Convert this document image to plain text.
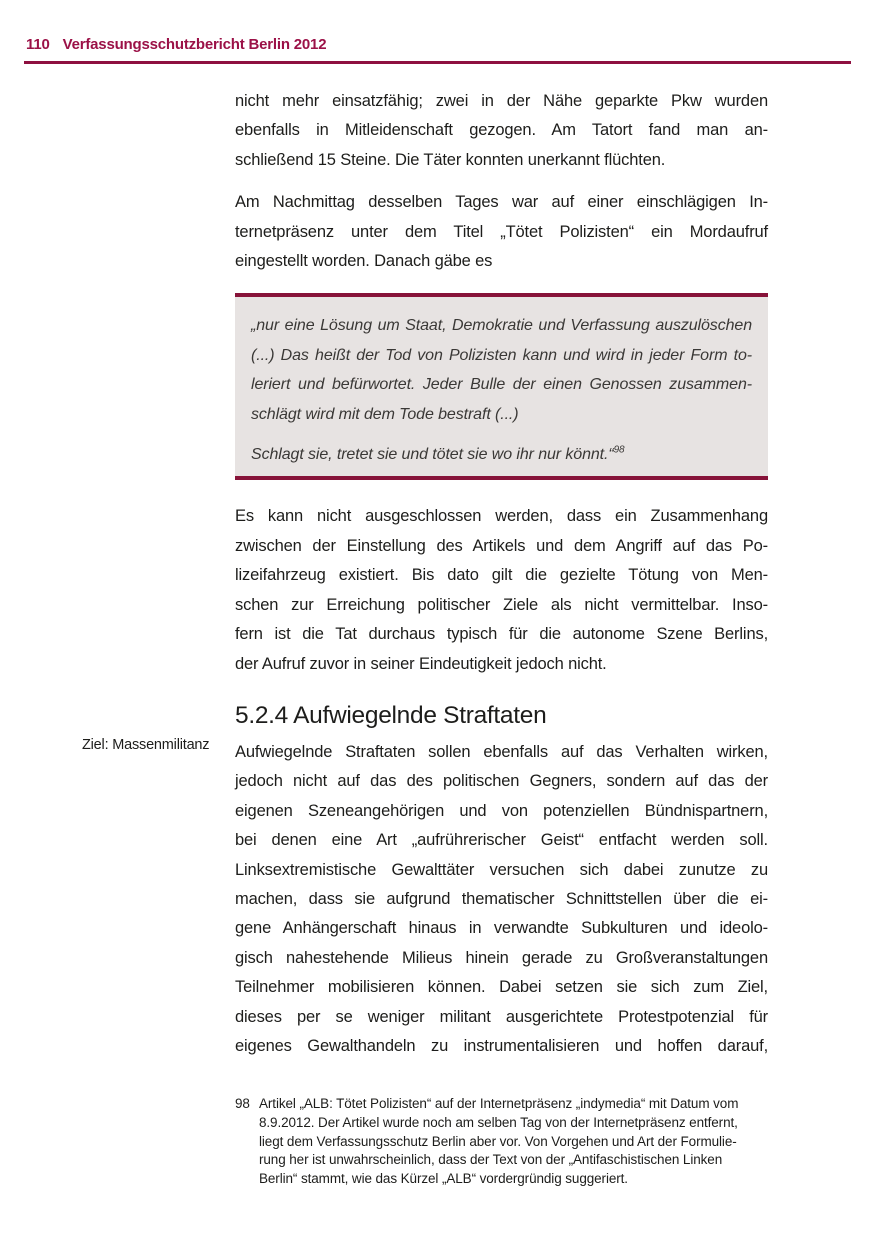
110 Verfassungsschutzbericht Berlin 2012
Ziel: Massenmilitanz
nicht mehr einsatzfähig; zwei in der Nähe geparkte Pkw wurden
ebenfalls in Mitleidenschaft gezogen. Am Tatort fand man an-
schließend 15 Steine. Die Täter konnten unerkannt flüchten.
Am Nachmittag desselben Tages war auf einer einschlägigen In-
ternetpräsenz unter dem Titel „Tötet Polizisten“ ein Mordaufruf
eingestellt worden. Danach gäbe es
„nur eine Lösung um Staat, Demokratie und Verfassung auszulöschen
(...) Das heißt der Tod von Polizisten kann und wird in jeder Form to-
leriert und befürwortet. Jeder Bulle der einen Genossen zusammen-
schlägt wird mit dem Tode bestraft (...)
Schlagt sie, tretet sie und tötet sie wo ihr nur könnt.“$^{98}$
Es kann nicht ausgeschlossen werden, dass ein Zusammenhang
zwischen der Einstellung des Artikels und dem Angriff auf das Po-
lizeifahrzeug existiert. Bis dato gilt die gezielte Tötung von Men-
schen zur Erreichung politischer Ziele als nicht vermittelbar. Inso-
fern ist die Tat durchaus typisch für die autonome Szene Berlins,
der Aufruf zuvor in seiner Eindeutigkeit jedoch nicht.
5.2.4 Aufwiegelnde Straftaten
Aufwiegelnde Straftaten sollen ebenfalls auf das Verhalten wirken,
jedoch nicht auf das des politischen Gegners, sondern auf das der
eigenen Szeneangehörigen und von potenziellen Bündnispartnern,
bei denen eine Art „aufrührerischer Geist“ entfacht werden soll.
Linksextremistische Gewalttäter versuchen sich dabei zunutze zu
machen, dass sie aufgrund thematischer Schnittstellen über die ei-
gene Anhängerschaft hinaus in verwandte Subkulturen und ideolo-
gisch nahestehende Milieus hinein gerade zu Großveranstaltungen
Teilnehmer mobilisieren können. Dabei setzen sie sich zum Ziel,
dieses per se weniger militant ausgerichtete Protestpotenzial für
eigenes Gewalthandeln zu instrumentalisieren und hoffen darauf,
98 Artikel „ALB: Tötet Polizisten“ auf der Internetpräsenz „indymedia“ mit Datum vom
8.9.2012. Der Artikel wurde noch am selben Tag von der Internetpräsenz entfernt,
liegt dem Verfassungsschutz Berlin aber vor. Von Vorgehen und Art der Formulie-
rung her ist unwahrscheinlich, dass der Text von der „Antifaschistischen Linken
Berlin“ stammt, wie das Kürzel „ALB“ vordergründig suggeriert.
